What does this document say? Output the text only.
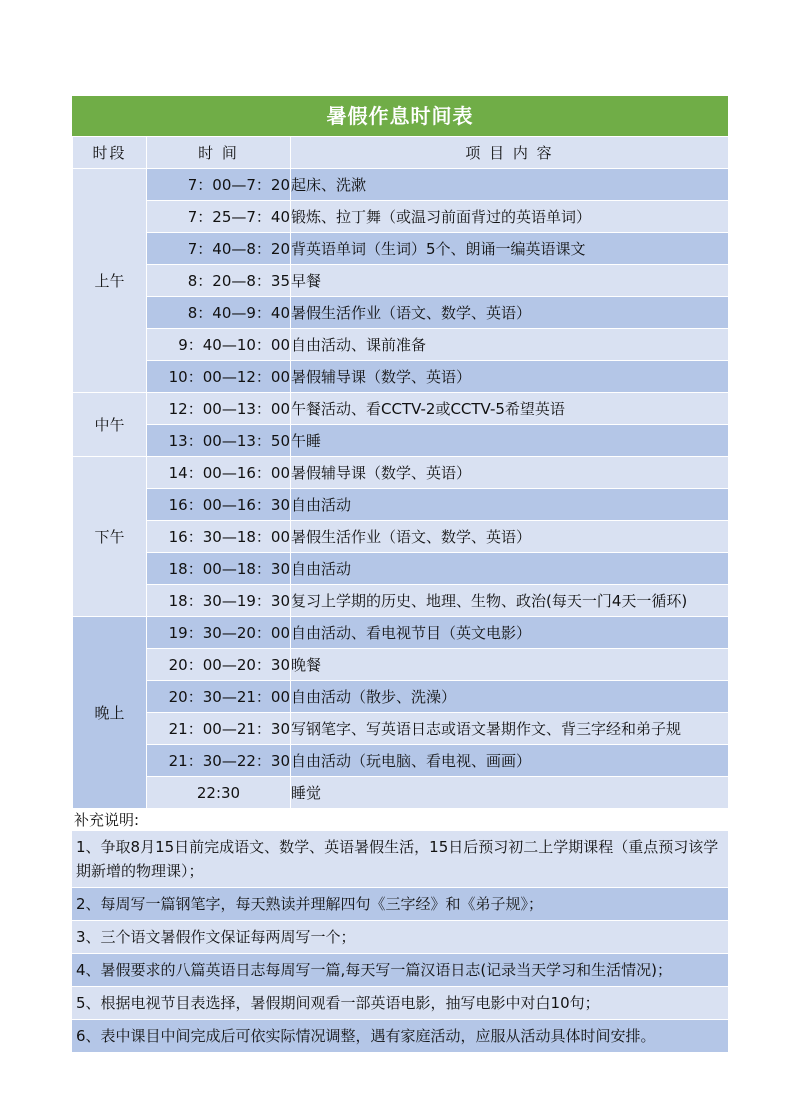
暑假作息时间表
时段	时 间	项 目 内 容
上午	7：00—7：20	起床、洗漱
	7：25—7：40	锻炼、拉丁舞（或温习前面背过的英语单词）
	7：40—8：20	背英语单词（生词）5个、朗诵一编英语课文
	8：20—8：35	早餐
	8：40—9：40	暑假生活作业（语文、数学、英语）
	9：40—10：00	自由活动、课前准备
	10：00—12：00	暑假辅导课（数学、英语）
中午	12：00—13：00	午餐活动、看CCTV-2或CCTV-5希望英语
	13：00—13：50	午睡
下午	14：00—16：00	暑假辅导课（数学、英语）
	16：00—16：30	自由活动
	16：30—18：00	暑假生活作业（语文、数学、英语）
	18：00—18：30	自由活动
	18：30—19：30	复习上学期的历史、地理、生物、政治(每天一门4天一循环)
晚上	19：30—20：00	自由活动、看电视节目（英文电影）
	20：00—20：30	晚餐
	20：30—21：00	自由活动（散步、洗澡）
	21：00—21：30	写钢笔字、写英语日志或语文暑期作文、背三字经和弟子规
	21：30—22：30	自由活动（玩电脑、看电视、画画）
	22:30	睡觉
补充说明:
1、争取8月15日前完成语文、数学、英语暑假生活，15日后预习初二上学期课程（重点预习该学期新增的物理课）；
2、每周写一篇钢笔字，每天熟读并理解四句《三字经》和《弟子规》；
3、三个语文暑假作文保证每两周写一个；
4、暑假要求的八篇英语日志每周写一篇,每天写一篇汉语日志(记录当天学习和生活情况)；
5、根据电视节目表选择，暑假期间观看一部英语电影，抽写电影中对白10句；
6、表中课目中间完成后可依实际情况调整，遇有家庭活动，应服从活动具体时间安排。
